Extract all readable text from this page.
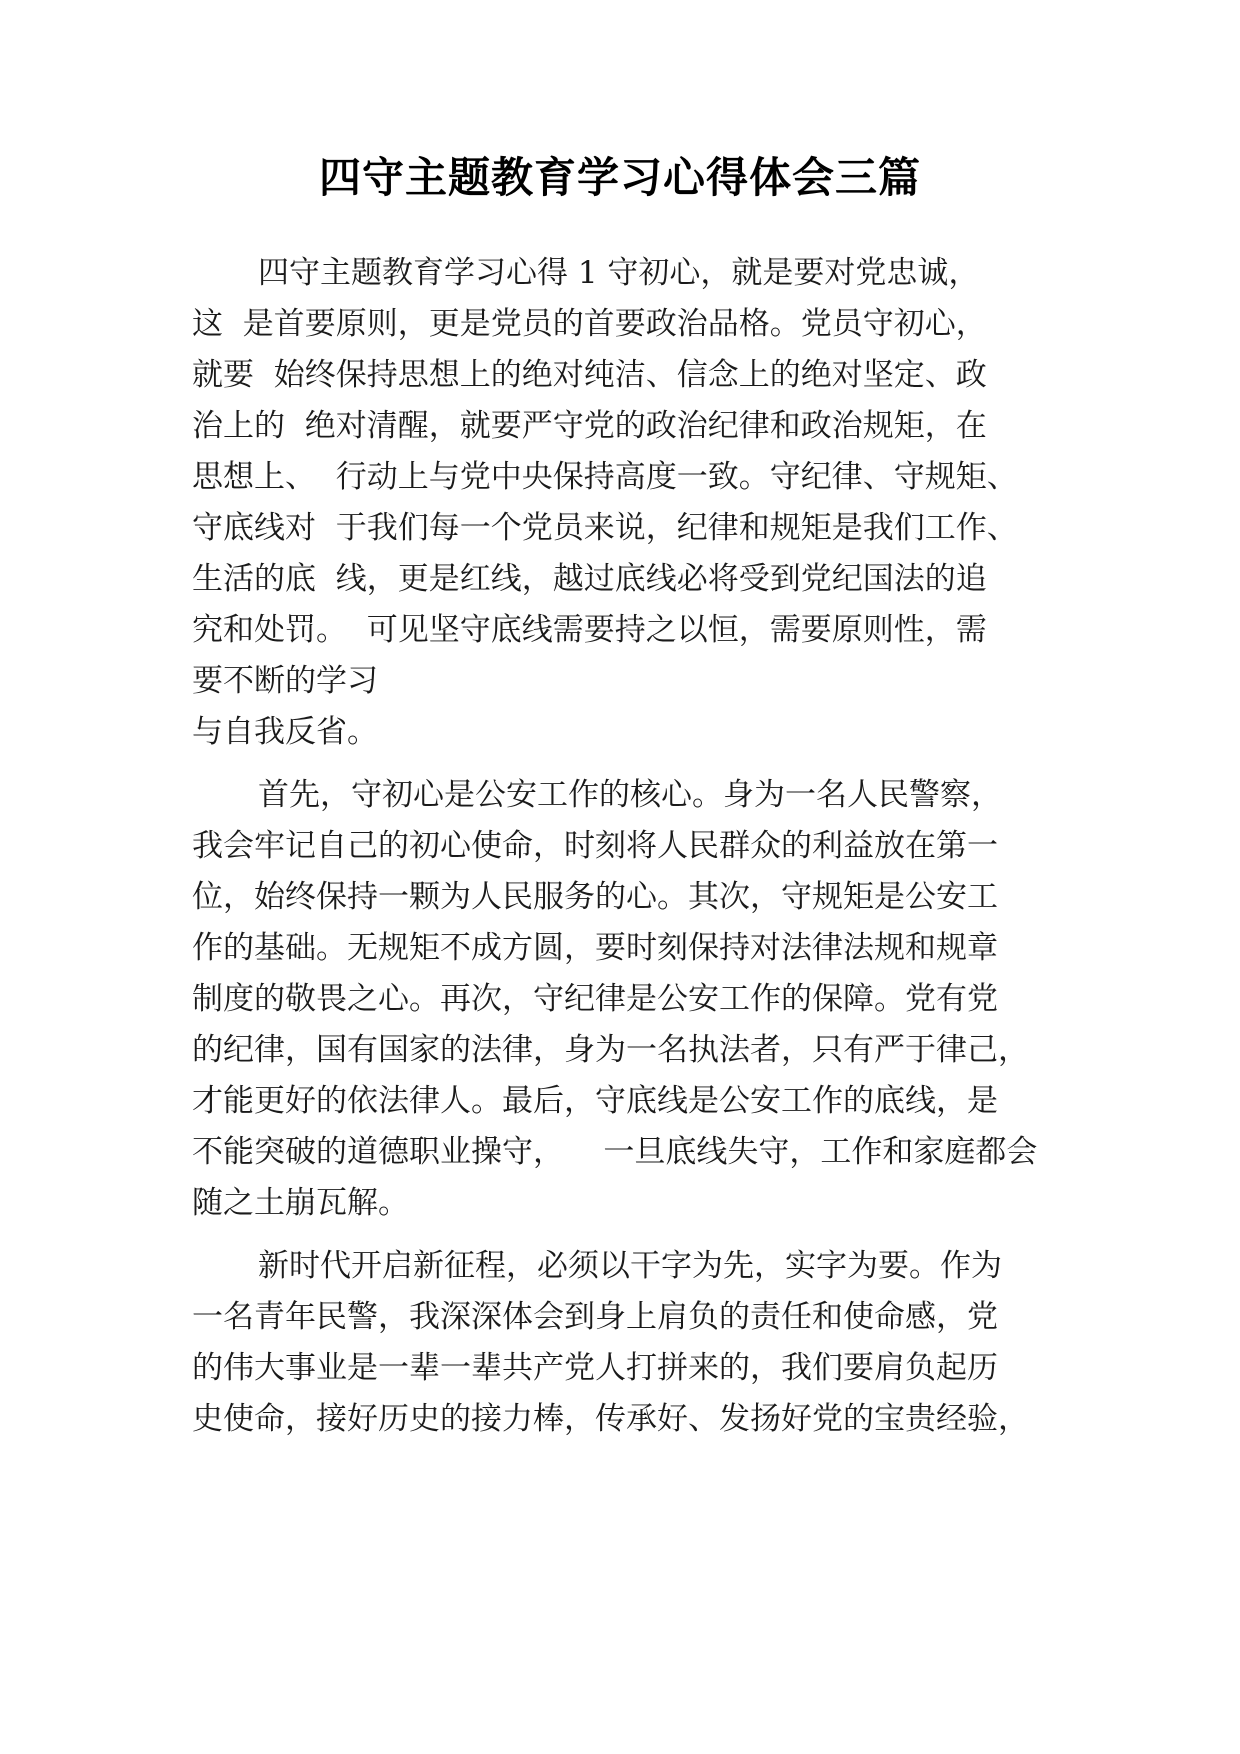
四守主题教育学习心得体会三篇
四守主题教育学习心得 1 守初心，就是要对党忠诚，
这  是首要原则，更是党员的首要政治品格。党员守初心，
就要  始终保持思想上的绝对纯洁、信念上的绝对坚定、政
治上的  绝对清醒，就要严守党的政治纪律和政治规矩，在
思想上、  行动上与党中央保持高度一致。守纪律、守规矩、
守底线对  于我们每一个党员来说，纪律和规矩是我们工作、
生活的底  线，更是红线，越过底线必将受到党纪国法的追
究和处罚。  可见坚守底线需要持之以恒，需要原则性，需
要不断的学习
与自我反省。
首先，守初心是公安工作的核心。身为一名人民警察，
我会牢记自己的初心使命，时刻将人民群众的利益放在第一
位，始终保持一颗为人民服务的心。其次，守规矩是公安工
作的基础。无规矩不成方圆，要时刻保持对法律法规和规章
制度的敬畏之心。再次，守纪律是公安工作的保障。党有党
的纪律，国有国家的法律，身为一名执法者，只有严于律己，
才能更好的依法律人。最后，守底线是公安工作的底线，是
不能突破的道德职业操守，    一旦底线失守，工作和家庭都会
随之土崩瓦解。
新时代开启新征程，必须以干字为先，实字为要。作为
一名青年民警，我深深体会到身上肩负的责任和使命感，党
的伟大事业是一辈一辈共产党人打拼来的，我们要肩负起历
史使命，接好历史的接力棒，传承好、发扬好党的宝贵经验，
